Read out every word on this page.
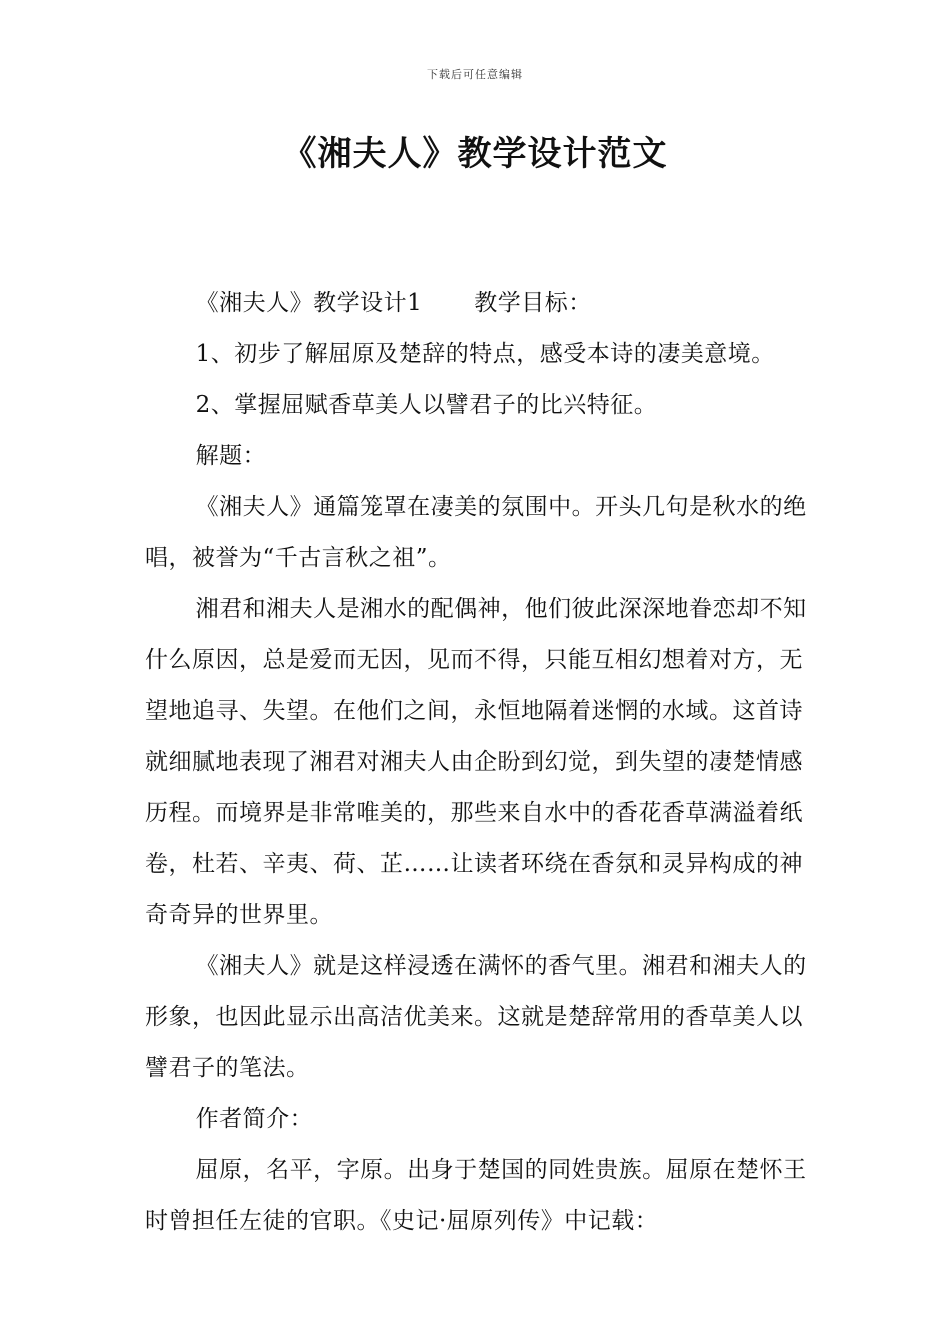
下载后可任意编辑
《湘夫人》教学设计范文

《湘夫人》教学设计1 教学目标：

1、初步了解屈原及楚辞的特点，感受本诗的凄美意境。

2、掌握屈赋香草美人以譬君子的比兴特征。

解题：

《湘夫人》通篇笼罩在凄美的氛围中。开头几句是秋水的绝唱，被誉为“千古言秋之祖”。

湘君和湘夫人是湘水的配偶神，他们彼此深深地眷恋却不知什么原因，总是爱而无因，见而不得，只能互相幻想着对方，无望地追寻、失望。在他们之间，永恒地隔着迷惘的水域。这首诗就细腻地表现了湘君对湘夫人由企盼到幻觉，到失望的凄楚情感历程。而境界是非常唯美的，那些来自水中的香花香草满溢着纸卷，杜若、辛夷、荷、芷……让读者环绕在香氛和灵异构成的神奇奇异的世界里。

《湘夫人》就是这样浸透在满怀的香气里。湘君和湘夫人的形象，也因此显示出高洁优美来。这就是楚辞常用的香草美人以譬君子的笔法。

作者简介：

屈原，名平，字原。出身于楚国的同姓贵族。屈原在楚怀王时曾担任左徒的官职。《史记·屈原列传》中记载：
